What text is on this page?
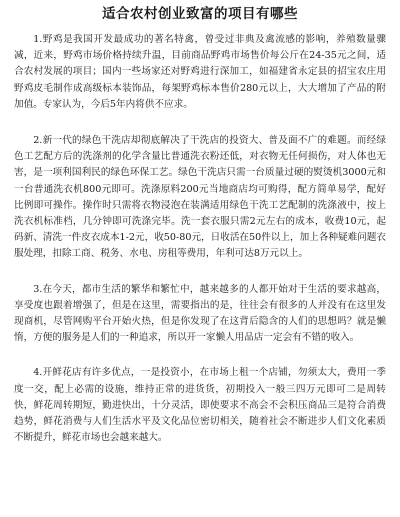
适合农村创业致富的项目有哪些

1.野鸡是我国开发最成功的著名特禽，曾受过非典及禽流感的影响，养殖数量骤减，近来，野鸡市场价格持续升温，目前商品野鸡市场售价每公斤在24-35元之间，适合农村发展的项目；国内一些场家还对野鸡进行深加工，如福建省永定县的招宝农庄用野鸡皮毛制作成高级标本装饰品，每架野鸡标本售价280元以上，大大增加了产品的附加值。专家认为，今后5年内将供不应求。

2.新一代的绿色干洗店却彻底解决了干洗店的投资大、普及面不广的难题。而经绿色工艺配方后的洗涤剂的化学含量比普通洗衣粉还低，对衣物无任何损伤，对人体也无害，是一项利国利民的绿色环保工艺。绿色干洗店只需一台质量过硬的熨烫机3000元和一台普通洗衣机800元即可。洗涤原料200元当地商店均可购得，配方简单易学，配好比例即可操作。操作时只需将衣物浸泡在装满适用绿色干洗工艺配制的洗涤液中，按上洗衣机标准档，几分钟即可洗涤完毕。洗一套衣服只需2元左右的成本，收费10元，起码新、清洗一件皮衣成本1-2元，收50-80元，日收活在50件以上，加上各种疑难问题衣服处理，扣除工商、税务、水电、房租等费用，年利可达8万元以上。

3.在今天，都市生活的繁华和繁忙中，越来越多的人都开始对于生活的要求越高，享受度也跟着增强了，但是在这里，需要指出的是，往往会有很多的人并没有在这里发现商机，尽管网购平台开始火热，但是你发现了在这背后隐含的人们的思想吗？就是懒惰，方便的服务是人们的一种追求，所以开一家懒人用品店一定会有不错的收入。

4.开鲜花店有许多优点，一是投资小，在市场上租一个店铺，勿须太大，费用一季度一交，配上必需的设施，维持正常的进货货，初期投入一般三四万元即可二是周转快，鲜花周转期短，勤进快出，十分灵活，即使要求不高会不会积压商品三是符合消费趋势，鲜花消费与人们生活水平及文化品位密切相关，随着社会不断进步人们文化素质不断提升，鲜花市场也会越来越大。
